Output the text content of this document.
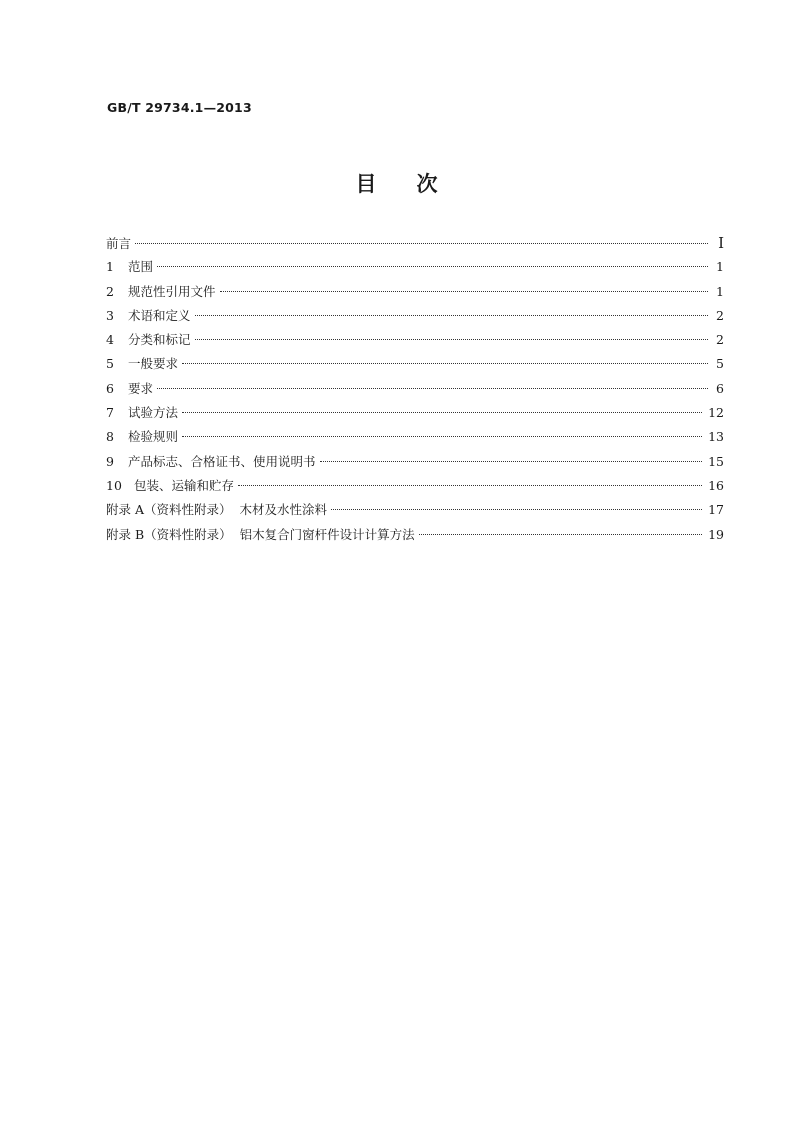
GB/T 29734.1—2013
目 次
前言	I
1	范围	1
2	规范性引用文件	1
3	术语和定义	2
4	分类和标记	2
5	一般要求	5
6	要求	6
7	试验方法	12
8	检验规则	13
9	产品标志、合格证书、使用说明书	15
10 包装、运输和贮存	16
附录 A（资料性附录）  木材及水性涂料	17
附录 B（资料性附录）  铝木复合门窗杆件设计计算方法	19
